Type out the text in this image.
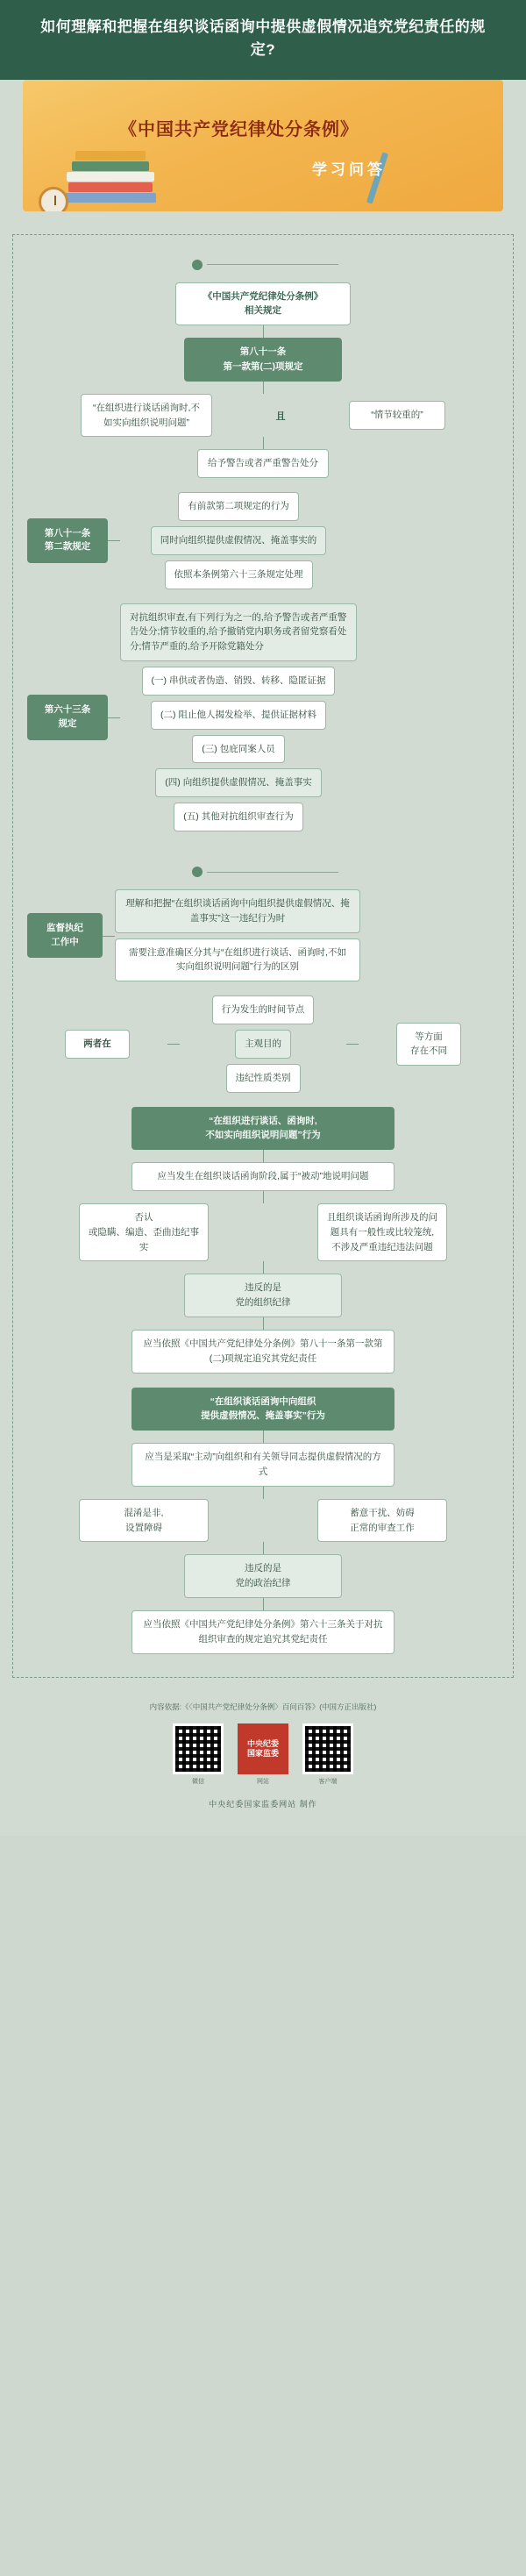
如何理解和把握在组织谈话函询中提供虚假情况追究党纪责任的规定?
《中国共产党纪律处分条例》
学习问答
《中国共产党纪律处分条例》
相关规定
第八十一条
第一款第(二)项规定
“在组织进行谈话函询时,不如实向组织说明问题”
且	“情节较重的”
给予警告或者严重警告处分
第八十一条
第二款规定
有前款第二项规定的行为
同时向组织提供虚假情况、掩盖事实的
依照本条例第六十三条规定处理
第六十三条
规定
对抗组织审查,有下列行为之一的,给予警告或者严重警告处分;情节较重的,给予撤销党内职务或者留党察看处分;情节严重的,给予开除党籍处分
(一) 串供或者伪造、销毁、转移、隐匿证据
(二) 阻止他人揭发检举、提供证据材料
(三) 包庇同案人员
(四) 向组织提供虚假情况、掩盖事实
(五) 其他对抗组织审查行为
监督执纪
工作中
理解和把握“在组织谈话函询中向组织提供虚假情况、掩盖事实”这一违纪行为时
需要注意准确区分其与“在组织进行谈话、函询时,不如实向组织说明问题”行为的区别
两者在
行为发生的时间节点
主观目的
违纪性质类别
等方面
存在不同
“在组织进行谈话、函询时,
不如实向组织说明问题”行为
应当发生在组织谈话函询阶段,属于“被动”地说明问题
否认
或隐瞒、编造、歪曲违纪事实
且组织谈话函询所涉及的问题具有一般性或比较笼统,不涉及严重违纪违法问题
违反的是
党的组织纪律
应当依照《中国共产党纪律处分条例》第八十一条第一款第(二)项规定追究其党纪责任
“在组织谈话函询中向组织
提供虚假情况、掩盖事实”行为
应当是采取“主动”向组织和有关领导同志提供虚假情况的方式
混淆是非,
设置障碍
蓄意干扰、妨碍
正常的审查工作
违反的是
党的政治纪律
应当依照《中国共产党纪律处分条例》第六十三条关于对抗组织审查的规定追究其党纪责任
内容依据:《〈中国共产党纪律处分条例〉百问百答》(中国方正出版社)
微信
中央纪委
国家监委
网站	客户端
中央纪委国家监委网站 制作
